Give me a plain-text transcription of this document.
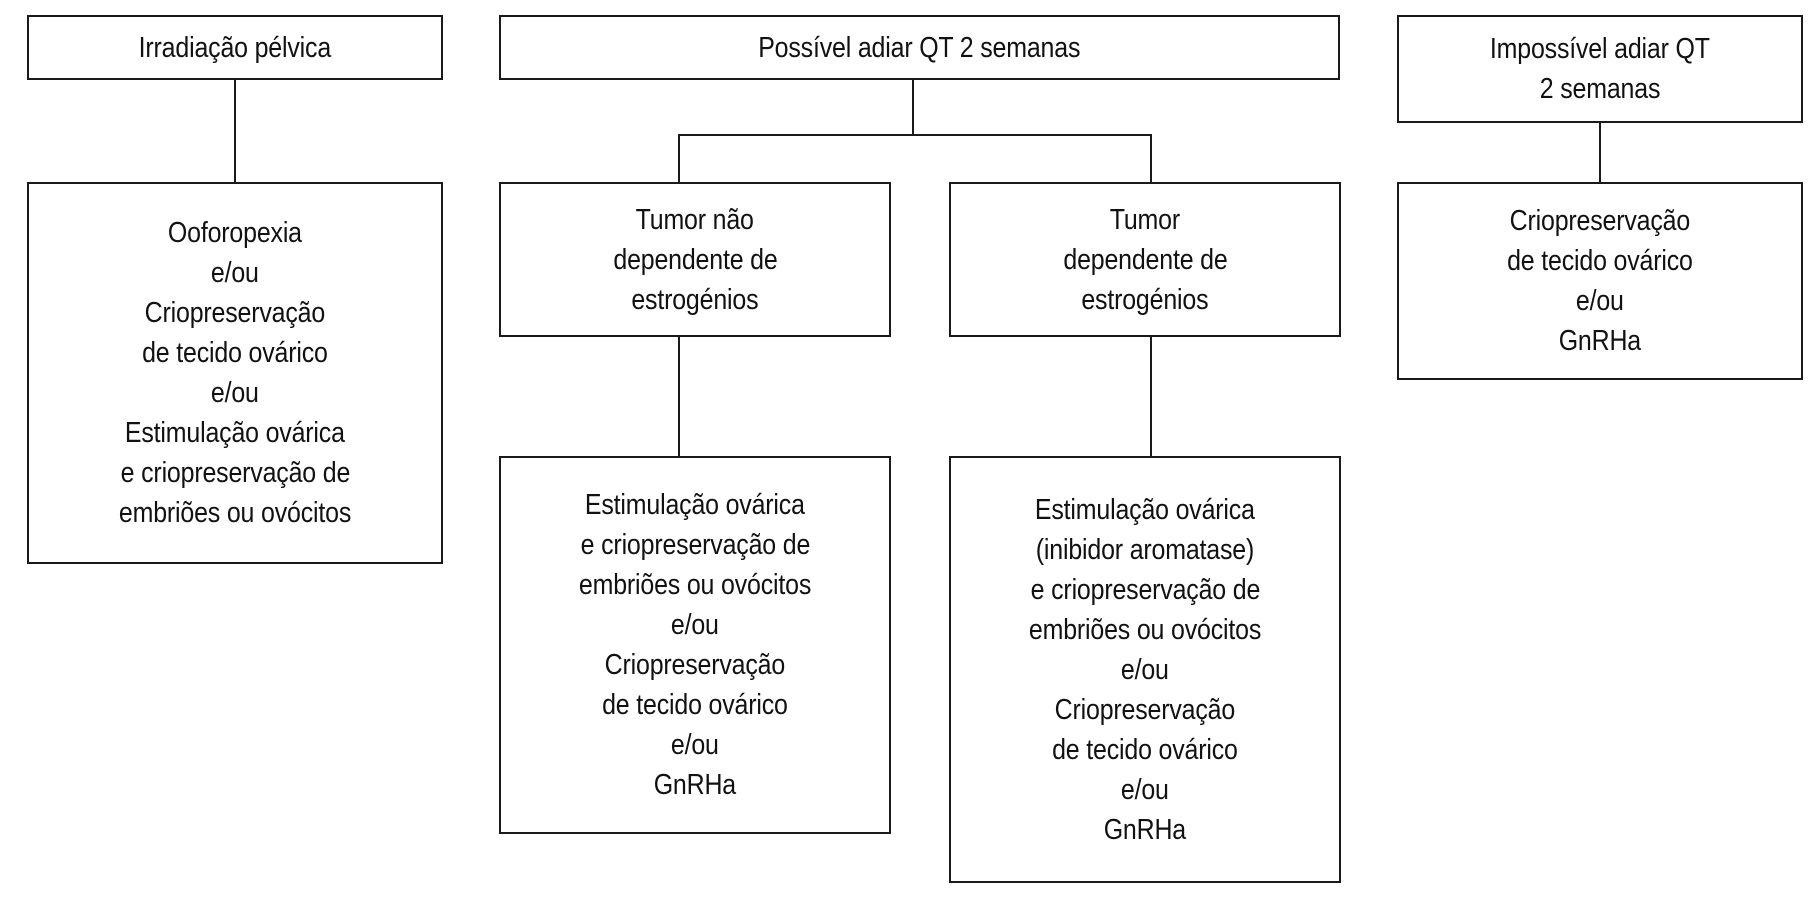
Irradiação pélvica
Ooforopexia
e/ou
Criopreservação
de tecido ovárico
e/ou
Estimulação ovárica
e criopreservação de
embriões ou ovócitos
Possível adiar QT 2 semanas
Tumor não
dependente de
estrogénios
Tumor
dependente de
estrogénios
Estimulação ovárica
e criopreservação de
embriões ou ovócitos
e/ou
Criopreservação
de tecido ovárico
e/ou
GnRHa
Estimulação ovárica
(inibidor aromatase)
e criopreservação de
embriões ou ovócitos
e/ou
Criopreservação
de tecido ovárico
e/ou
GnRHa
Impossível adiar QT
2 semanas
Criopreservação
de tecido ovárico
e/ou
GnRHa
